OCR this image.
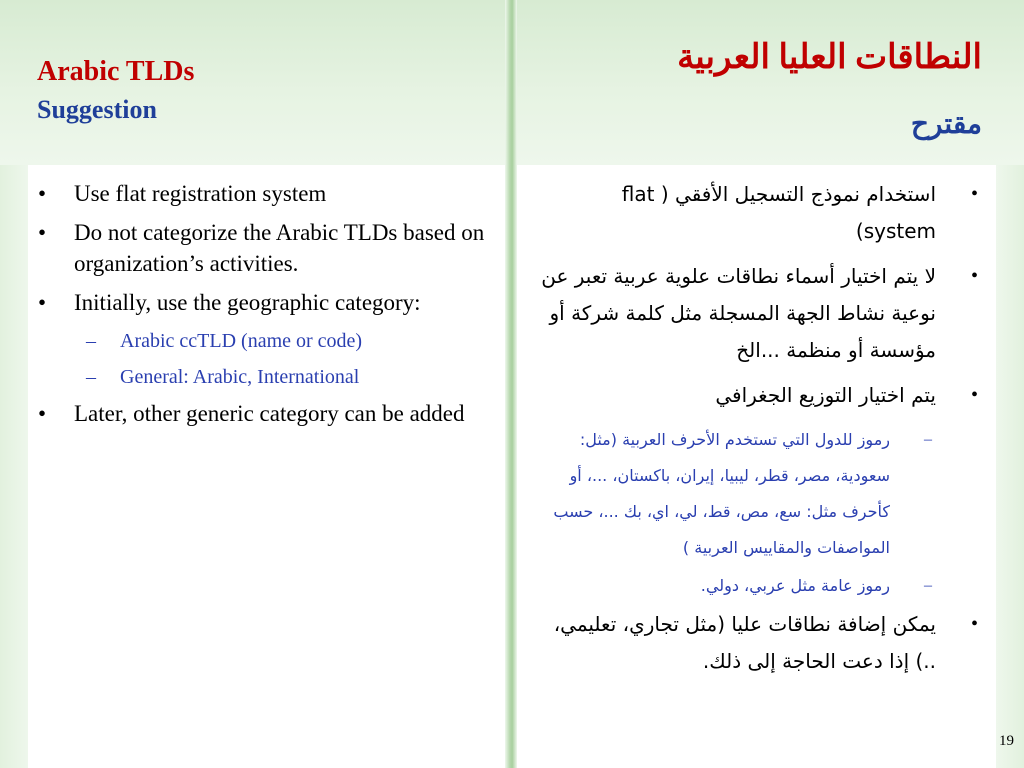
Arabic TLDs
Suggestion
النطاقات العليا العربية
مقترح
• Use flat registration system
• Do not categorize the Arabic TLDs based on organization’s activities.
• Initially, use the geographic category:
– Arabic ccTLD (name or code)
– General: Arabic, International
• Later, other generic category can be added
•
استخدام نموذج التسجيل الأفقي ( flat system)
•
لا يتم اختيار أسماء نطاقات علوية عربية تعبر عن نوعية نشاط الجهة المسجلة مثل كلمة شركة أو مؤسسة أو منظمة ...الخ
•
يتم اختيار التوزيع الجغرافي
–
رموز للدول التي تستخدم الأحرف العربية (مثل: سعودية، مصر، قطر، ليبيا، إيران، باكستان، ...، أو كأحرف مثل: سع، مص، قط، لي، اي، بك ...، حسب المواصفات والمقاييس العربية )
–
رموز عامة مثل عربي، دولي.
•
يمكن إضافة نطاقات عليا (مثل تجاري، تعليمي، ..) إذا دعت الحاجة إلى ذلك.
19
